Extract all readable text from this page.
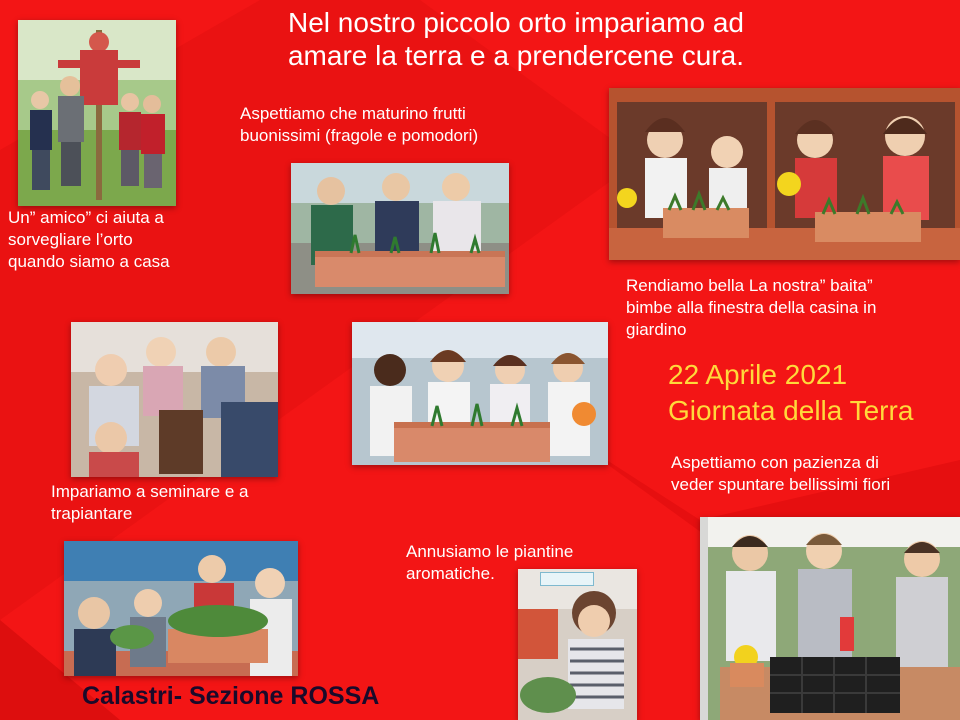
Nel nostro piccolo orto impariamo ad
amare la terra e a prendercene cura.
Un” amico” ci aiuta a
sorvegliare l’orto
quando siamo a casa
Aspettiamo che maturino frutti
buonissimi (fragole e pomodori)
Rendiamo bella La nostra” baita”
bimbe alla finestra della casina in
giardino
22 Aprile 2021
Giornata della Terra
Impariamo a seminare e a
trapiantare
Aspettiamo con pazienza di
veder spuntare bellissimi fiori
Annusiamo le piantine
aromatiche.
Calastri- Sezione ROSSA
